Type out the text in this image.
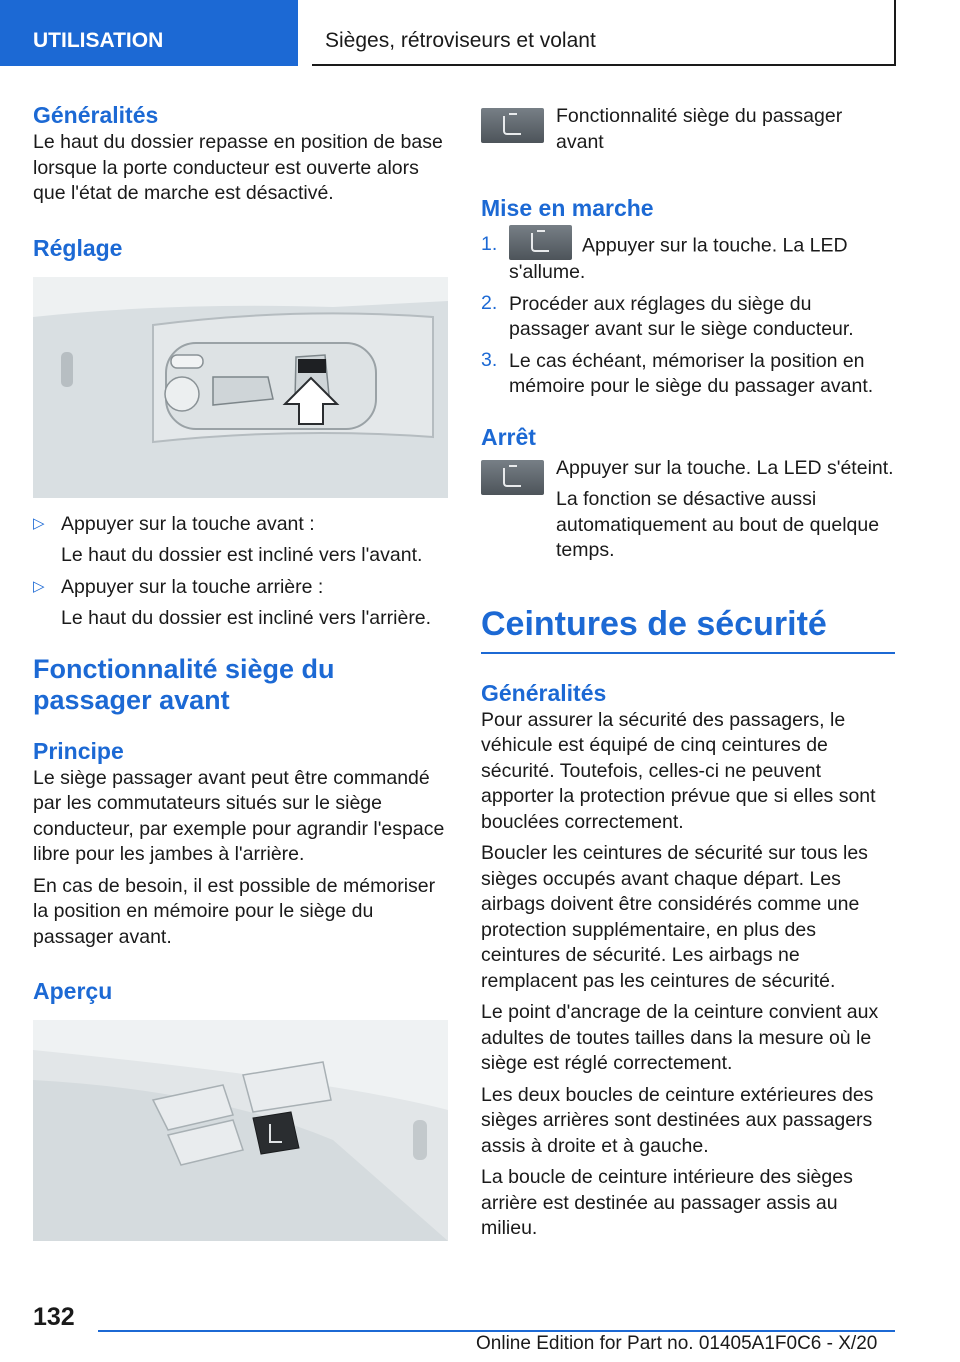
UTILISATION	Sièges, rétroviseurs et volant
Généralités

Le haut du dossier repasse en position de base lorsque la porte conducteur est ouverte alors que l'état de marche est désactivé.

Réglage
▷ Appuyer sur la touche avant :

Le haut du dossier est incliné vers l'avant.

▷ Appuyer sur la touche arrière :

Le haut du dossier est incliné vers l'arrière.

Fonctionnalité siège du passager avant
Principe

Le siège passager avant peut être commandé par les commutateurs situés sur le siège conducteur, par exemple pour agrandir l'espace libre pour les jambes à l'arrière.

En cas de besoin, il est possible de mémoriser la position en mémoire pour le siège du passager avant.

Aperçu

Fonctionnalité siège du passager avant

Mise en marche
1.	Appuyer sur la touche. La LED s'allume.

2. Procéder aux réglages du siège du passager avant sur le siège conducteur.

3. Le cas échéant, mémoriser la position en mémoire pour le siège du passager avant.

Arrêt

Appuyer sur la touche. La LED s'éteint.

La fonction se désactive aussi automatiquement au bout de quelque temps.

Ceintures de sécurité
Généralités

Pour assurer la sécurité des passagers, le véhicule est équipé de cinq ceintures de sécurité. Toutefois, celles-ci ne peuvent apporter la protection prévue que si elles sont bouclées correctement.

Boucler les ceintures de sécurité sur tous les sièges occupés avant chaque départ. Les airbags doivent être considérés comme une protection supplémentaire, en plus des ceintures de sécurité. Les airbags ne remplacent pas les ceintures de sécurité.

Le point d'ancrage de la ceinture convient aux adultes de toutes tailles dans la mesure où le siège est réglé correctement.

Les deux boucles de ceinture extérieures des sièges arrières sont destinées aux passagers assis à droite et à gauche.

La boucle de ceinture intérieure des sièges arrière est destinée au passager assis au milieu.

132
Online Edition for Part no. 01405A1F0C6 - X/20
